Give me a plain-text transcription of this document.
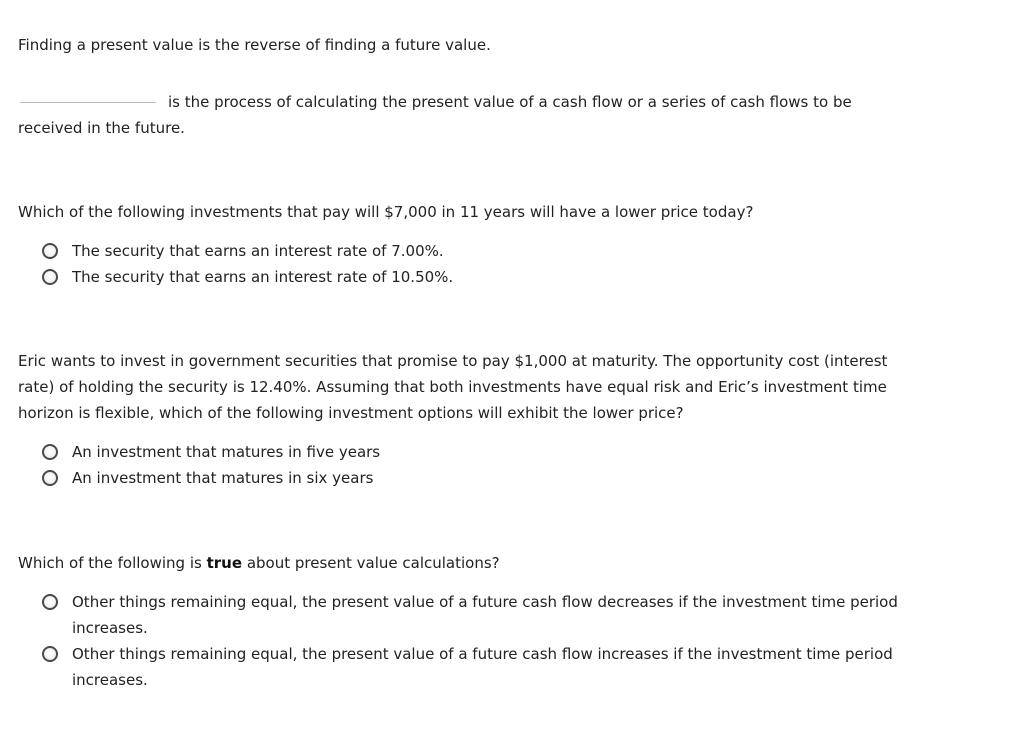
Finding a present value is the reverse of finding a future value.

is the process of calculating the present value of a cash flow or a series of cash flows to be
received in the future.

Which of the following investments that pay will $7,000 in 11 years will have a lower price today?

The security that earns an interest rate of 7.00%.
The security that earns an interest rate of 10.50%.

Eric wants to invest in government securities that promise to pay $1,000 at maturity. The opportunity cost (interest
rate) of holding the security is 12.40%. Assuming that both investments have equal risk and Eric’s investment time
horizon is flexible, which of the following investment options will exhibit the lower price?

An investment that matures in five years
An investment that matures in six years

Which of the following is true about present value calculations?

Other things remaining equal, the present value of a future cash flow decreases if the investment time period increases.
Other things remaining equal, the present value of a future cash flow increases if the investment time period increases.
